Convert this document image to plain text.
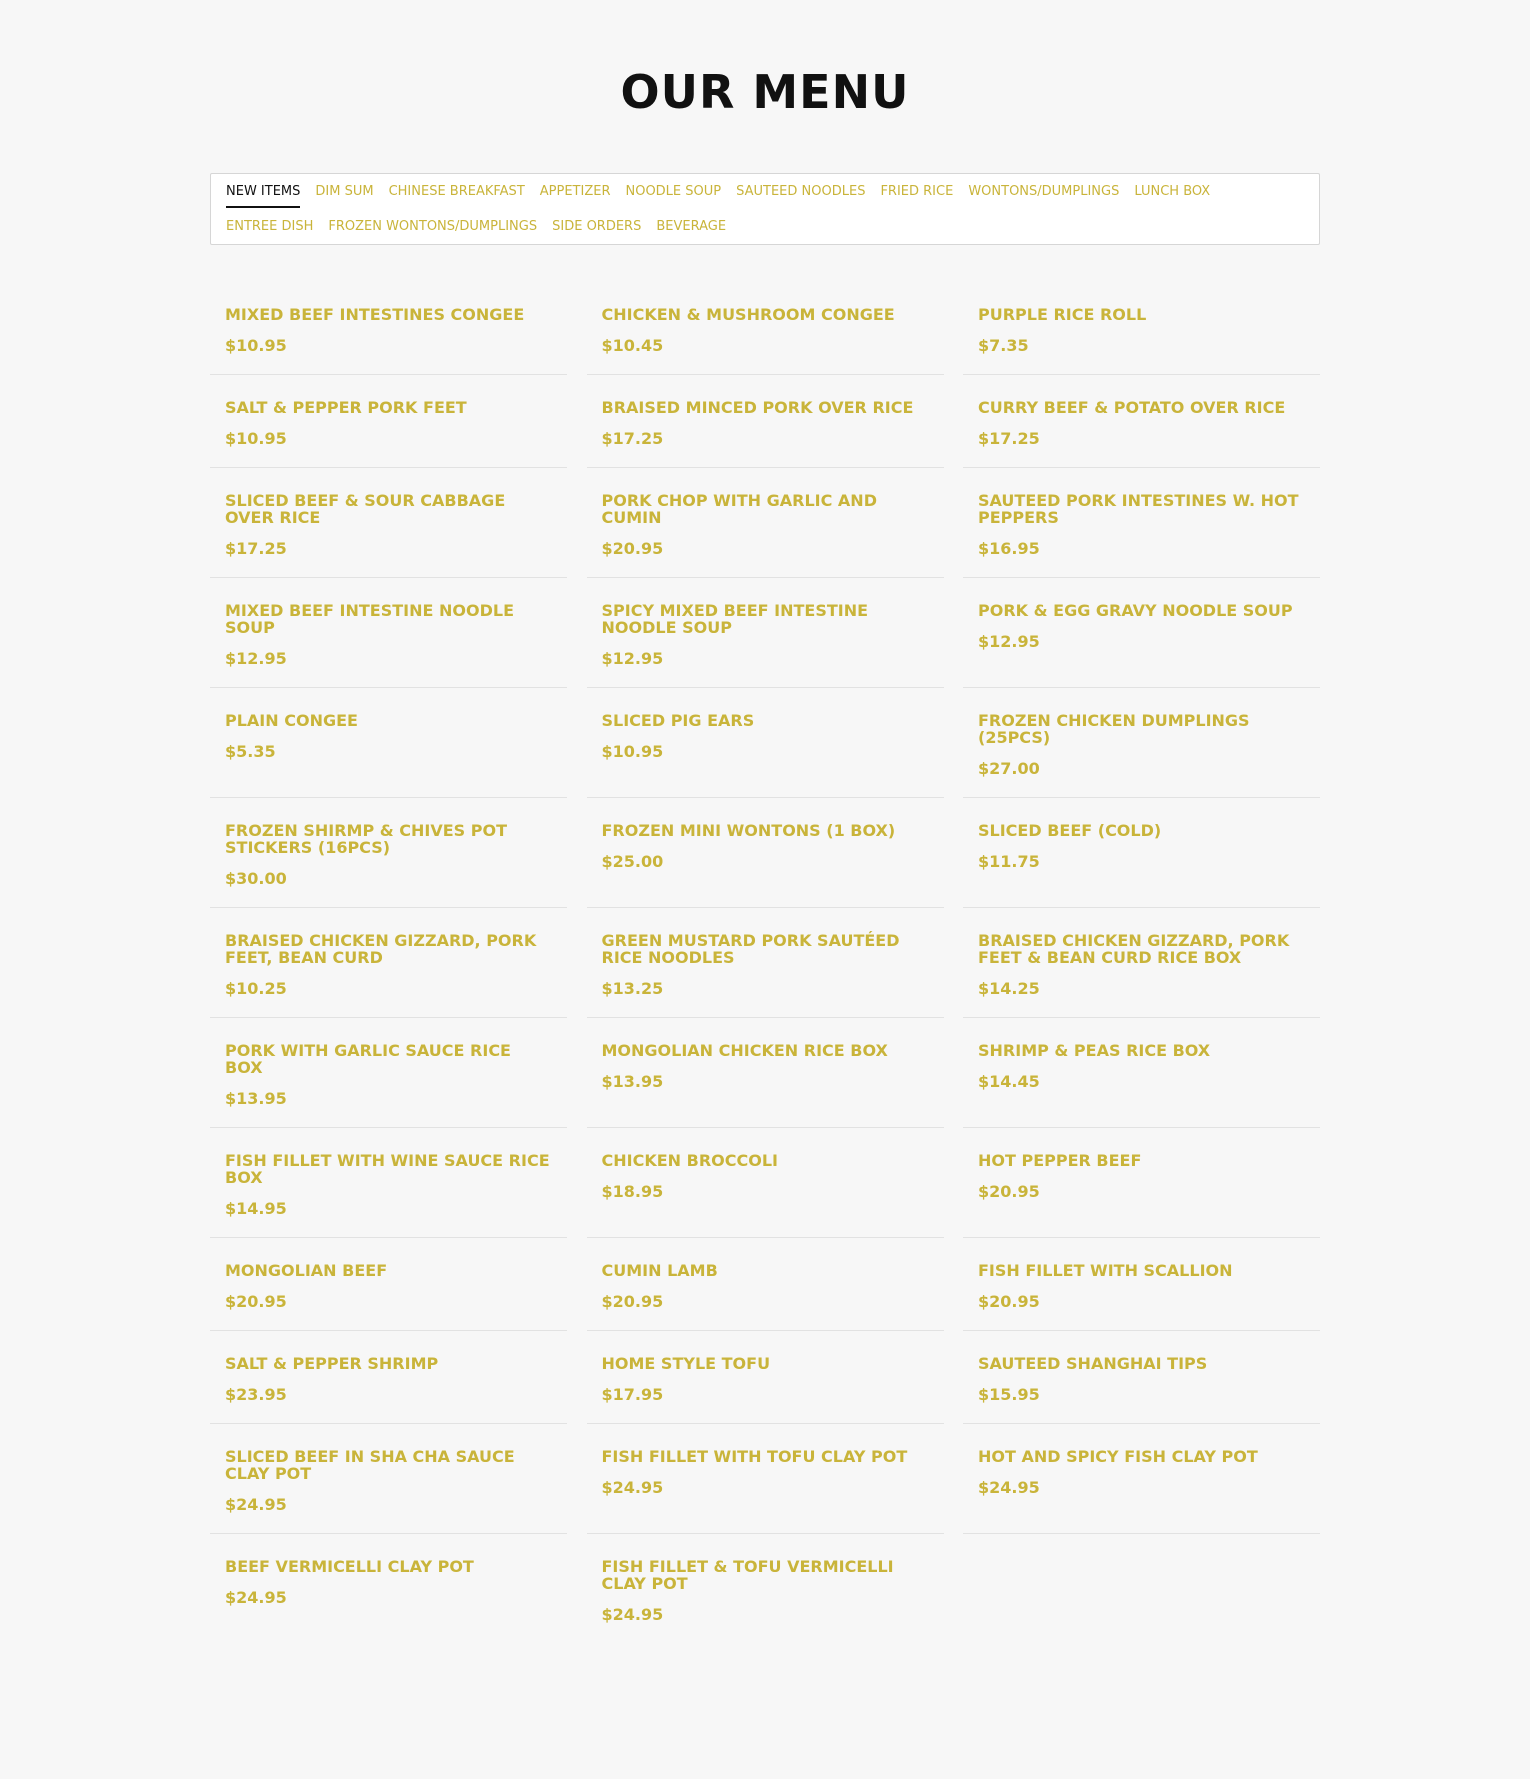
OUR MENU
NEW ITEMS DIM SUM CHINESE BREAKFAST APPETIZER NOODLE SOUP SAUTEED NOODLES FRIED RICE WONTONS/DUMPLINGS LUNCH BOX
ENTREE DISH FROZEN WONTONS/DUMPLINGS SIDE ORDERS BEVERAGE
MIXED BEEF INTESTINES CONGEE
$10.95
CHICKEN & MUSHROOM CONGEE
$10.45
PURPLE RICE ROLL
$7.35
SALT & PEPPER PORK FEET
$10.95
BRAISED MINCED PORK OVER RICE
$17.25
CURRY BEEF & POTATO OVER RICE
$17.25
SLICED BEEF & SOUR CABBAGE OVER RICE
$17.25
PORK CHOP WITH GARLIC AND CUMIN
$20.95
SAUTEED PORK INTESTINES W. HOT PEPPERS
$16.95
MIXED BEEF INTESTINE NOODLE SOUP
$12.95
SPICY MIXED BEEF INTESTINE NOODLE SOUP
$12.95
PORK & EGG GRAVY NOODLE SOUP
$12.95
PLAIN CONGEE
$5.35
SLICED PIG EARS
$10.95
FROZEN CHICKEN DUMPLINGS (25PCS)
$27.00
FROZEN SHIRMP & CHIVES POT STICKERS (16PCS)
$30.00
FROZEN MINI WONTONS (1 BOX)
$25.00
SLICED BEEF (COLD)
$11.75
BRAISED CHICKEN GIZZARD, PORK FEET, BEAN CURD
$10.25
GREEN MUSTARD PORK SAUTÉED RICE NOODLES
$13.25
BRAISED CHICKEN GIZZARD, PORK FEET & BEAN CURD RICE BOX
$14.25
PORK WITH GARLIC SAUCE RICE BOX
$13.95
MONGOLIAN CHICKEN RICE BOX
$13.95
SHRIMP & PEAS RICE BOX
$14.45
FISH FILLET WITH WINE SAUCE RICE BOX
$14.95
CHICKEN BROCCOLI
$18.95
HOT PEPPER BEEF
$20.95
MONGOLIAN BEEF
$20.95
CUMIN LAMB
$20.95
FISH FILLET WITH SCALLION
$20.95
SALT & PEPPER SHRIMP
$23.95
HOME STYLE TOFU
$17.95
SAUTEED SHANGHAI TIPS
$15.95
SLICED BEEF IN SHA CHA SAUCE CLAY POT
$24.95
FISH FILLET WITH TOFU CLAY POT
$24.95
HOT AND SPICY FISH CLAY POT
$24.95
BEEF VERMICELLI CLAY POT
$24.95
FISH FILLET & TOFU VERMICELLI CLAY POT
$24.95
